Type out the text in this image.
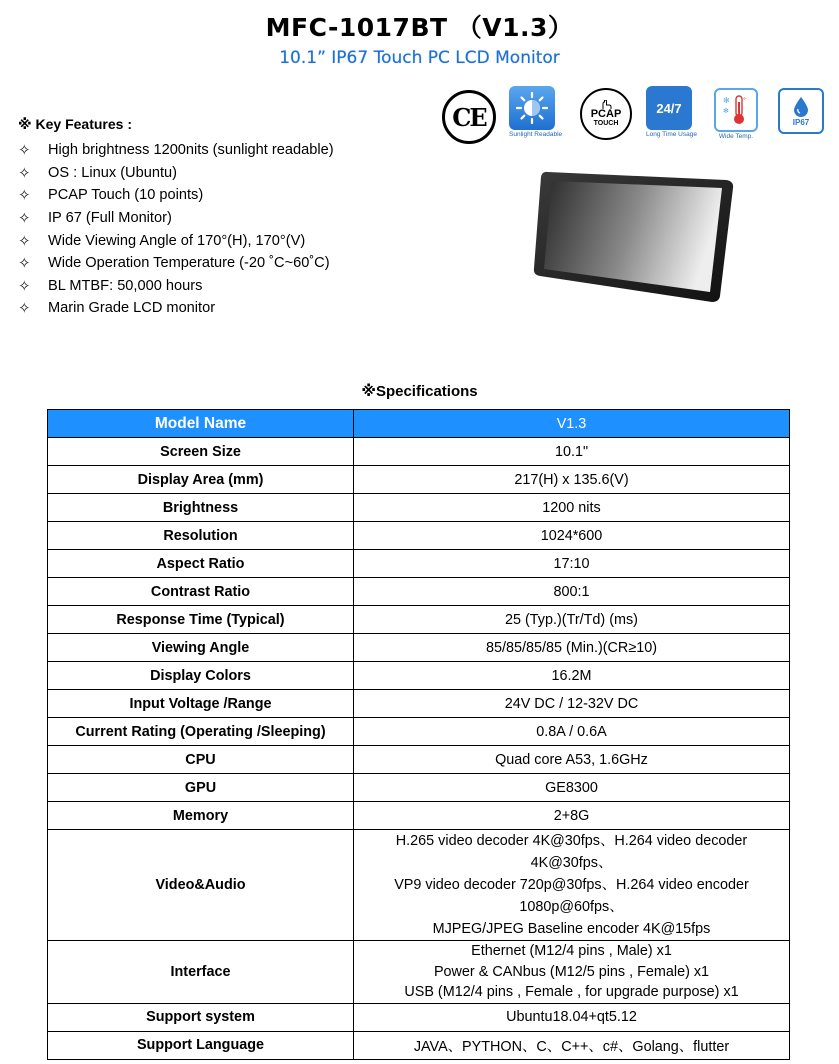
MFC-1017BT （V1.3）
10.1” IP67 Touch PC LCD Monitor
※ Key Features :
✧	High brightness 1200nits (sunlight readable)
✧	OS : Linux (Ubuntu)
✧	PCAP Touch (10 points)
✧	IP 67 (Full Monitor)
✧	Wide Viewing Angle of 170°(H), 170°(V)
✧	Wide Operation Temperature (-20 ˚C~60˚C)
✧	BL MTBF: 50,000 hours
✧	Marin Grade LCD monitor
CE
Sunlight Readable
PCAP
TOUCH
24/7
Long Time Usage
✻
✻
°
Wide Temp.
IP67
※Specifications
Model Name	V1.3
Screen Size	10.1"
Display Area (mm)	217(H) x 135.6(V)
Brightness	1200 nits
Resolution	1024*600
Aspect Ratio	17:10
Contrast Ratio	800:1
Response Time (Typical)	25 (Typ.)(Tr/Td) (ms)
Viewing Angle	85/85/85/85 (Min.)(CR≥10)
Display Colors	16.2M
Input Voltage /Range	24V DC / 12-32V DC
Current Rating (Operating /Sleeping)	0.8A / 0.6A
CPU	Quad core A53, 1.6GHz
GPU	GE8300
Memory	2+8G
Video&Audio	H.265 video decoder 4K@30fps、H.264 video decoder
4K@30fps、
VP9 video decoder 720p@30fps、H.264 video encoder
1080p@60fps、
MJPEG/JPEG Baseline encoder 4K@15fps

Interface	Ethernet (M12/4 pins , Male) x1
Power & CANbus (M12/5 pins , Female) x1
USB (M12/4 pins , Female , for upgrade purpose) x1

Support system	Ubuntu18.04+qt5.12
Support Language	JAVA、PYTHON、C、C++、c#、Golang、flutter
